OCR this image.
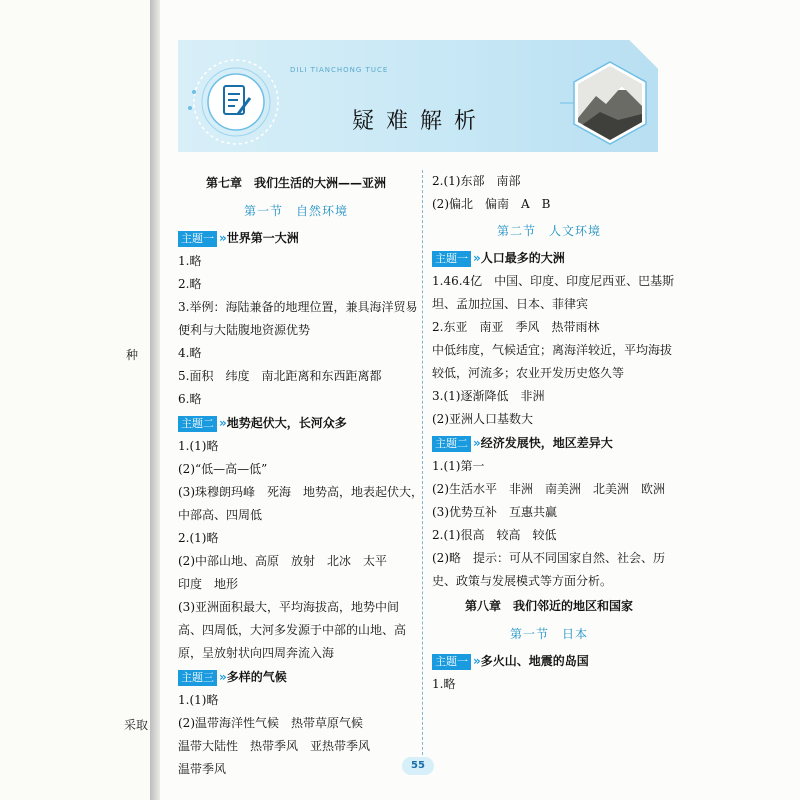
种
采取
DILI TIANCHONG TUCE
疑难解析
第七章　我们生活的大洲——亚洲
第一节　自然环境
主题一 »世界第一大洲
1.略
2.略
3.举例：海陆兼备的地理位置，兼具海洋贸易
便利与大陆腹地资源优势
4.略
5.面积　纬度　南北距离和东西距离都
6.略
主题二 »地势起伏大，长河众多
1.(1)略
(2)“低—高—低”
(3)珠穆朗玛峰　死海　地势高，地表起伏大，
中部高、四周低
2.(1)略
(2)中部山地、高原　放射　北冰　太平
印度　地形
(3)亚洲面积最大，平均海拔高，地势中间
高、四周低，大河多发源于中部的山地、高
原，呈放射状向四周奔流入海
主题三 »多样的气候
1.(1)略
(2)温带海洋性气候　热带草原气候
温带大陆性　热带季风　亚热带季风
温带季风
2.(1)东部　南部
(2)偏北　偏南　A　B
第二节　人文环境
主题一 »人口最多的大洲
1.46.4亿　中国、印度、印度尼西亚、巴基斯
坦、孟加拉国、日本、菲律宾
2.东亚　南亚　季风　热带雨林
中低纬度，气候适宜；离海洋较近，平均海拔
较低，河流多；农业开发历史悠久等
3.(1)逐渐降低　非洲
(2)亚洲人口基数大
主题二 »经济发展快，地区差异大
1.(1)第一
(2)生活水平　非洲　南美洲　北美洲　欧洲
(3)优势互补　互惠共赢
2.(1)很高　较高　较低
(2)略　提示：可从不同国家自然、社会、历
史、政策与发展模式等方面分析。
第八章　我们邻近的地区和国家
第一节　日本
主题一 »多火山、地震的岛国
1.略
55
